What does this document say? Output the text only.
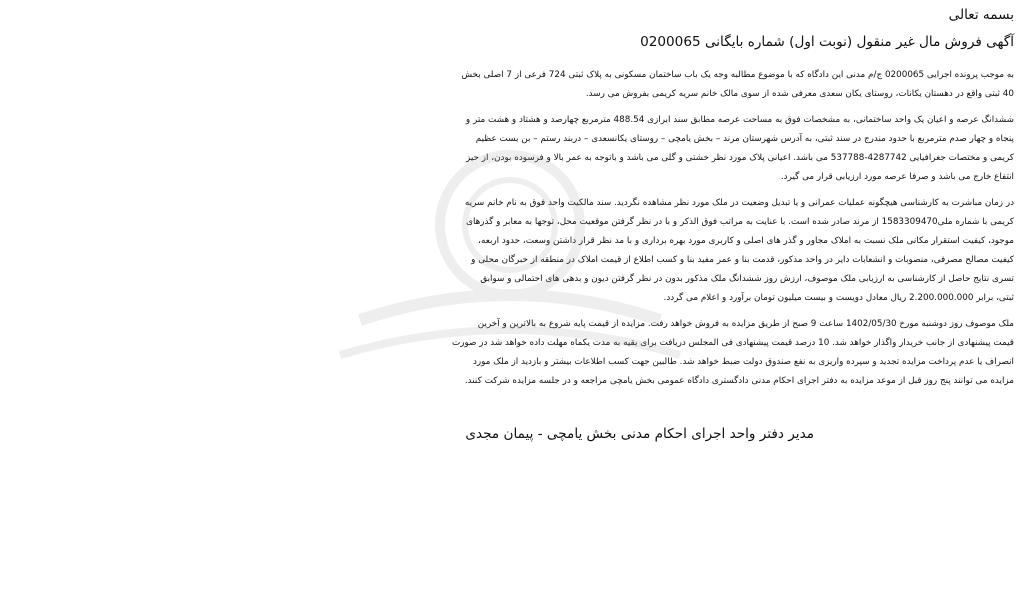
بسمه تعالی

آگهی فروش مال غیر منقول (نوبت اول) شماره بایگانی 0200065

به موجب پرونده اجرایی 0200065 ج/م مدنی این دادگاه که با موضوع مطالبه وجه یک باب ساختمان مسکونی به پلاک ثبتی 724 فرعی از 7 اصلی بخش

40 ثبتی واقع در دهستان یکانات، روستای یکان سعدی معرفی شده از سوی مالک خانم سریه کریمی بفروش می رسد.

ششدانگ عرصه و اعیان یک واحد ساختمانی، به مشخصات فوق به مساحت عرصه مطابق سند ابرازی 488.54 مترمربع چهارصد و هشتاد و هشت متر و

پنجاه و چهار صدم مترمربع با حدود مندرج در سند ثبتی، به آدرس شهرستان مرند – بخش یامچی – روستای یکانسعدی – دربند رستم – بن بست عظیم

کریمی و مختصات جغرافیایی 4287742-537788 می باشد. اعیانی پلاک مورد نظر خشتی و گلی می باشد و باتوجه به عمر بالا و فرسوده بودن، از حیز

انتفاع خارج می باشد و صرفا عرصه مورد ارزیابی قرار می گیرد.

در زمان مباشرت به کارشناسی هیچگونه عملیات عمرانی و یا تبدیل وضعیت در ملک مورد نظر مشاهده نگردید. سند مالکیت واحد فوق به نام خانم سریه

کریمی با شماره ملی1583309470 از مرند صادر شده است. با عنایت به مراتب فوق الذکر و با در نظر گرفتن موقعیت محل، توجها به معابر و گذرهای

موجود، کیفیت استقرار مکانی ملک نسبت به املاک مجاور و گذر های اصلی و کاربری مورد بهره برداری و با مد نظر قرار داشتن وسعت، حدود اربعه،

کیفیت مصالح مصرفی، منصوبات و انشعابات دایر در واحد مذکور، قدمت بنا و عمر مفید بنا و کسب اطلاع از قیمت املاک در منطقه از خبرگان محلی و

تسری نتایج حاصل از کارشناسی به ارزیابی ملک موصوف، ارزش روز ششدانگ ملک مذکور بدون در نظر گرفتن دیون و بدهی های احتمالی و سوابق

ثبتی، برابر 2.200.000.000 ریال معادل دویست و بیست میلیون تومان برآورد و اعلام می گردد.

ملک موصوف روز دوشنبه مورخ 1402/05/30 ساعت 9 صبح از طریق مزایده به فروش خواهد رفت. مزایده از قیمت پایه شروع به بالاترین و آخرین

قیمت پیشنهادی از جانب خریدار واگذار خواهد شد. 10 درصد قیمت پیشنهادی فی المجلس دریافت برای بقیه به مدت یکماه مهلت داده خواهد شد در صورت

انصراف یا عدم پرداخت مزایده تجدید و سپرده واریزی به نفع صندوق دولت ضبط خواهد شد. طالبین جهت کسب اطلاعات بیشتر و بازدید از ملک مورد

مزایده می توانند پنج روز قبل از موعد مزایده به دفتر اجرای احکام مدنی دادگستری دادگاه عمومی بخش یامچی مراجعه و در جلسه مزایده شرکت کنند.

مدیر دفتر واحد اجرای احکام مدنی بخش یامچی - پیمان مجدی
